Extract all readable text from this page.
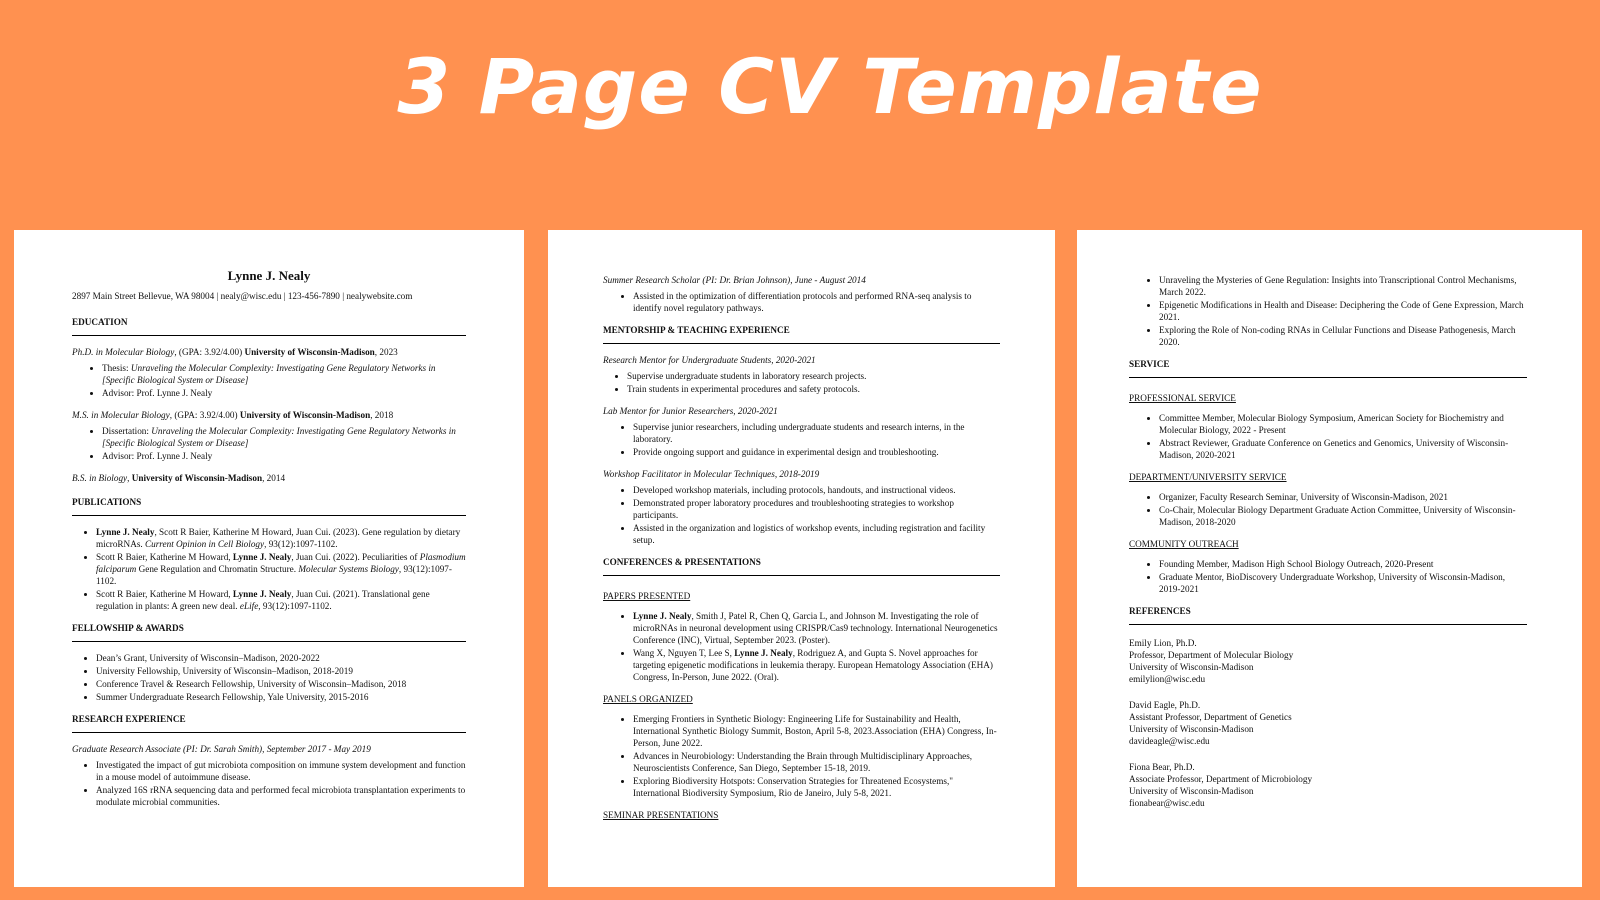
3 Page CV Template
Lynne J. Nealy
2897 Main Street Bellevue, WA 98004 | nealy@wisc.edu | 123-456-7890 | nealywebsite.com
EDUCATION
Ph.D. in Molecular Biology, (GPA: 3.92/4.00) University of Wisconsin-Madison, 2023
• Thesis: Unraveling the Molecular Complexity: Investigating Gene Regulatory Networks in [Specific Biological System or Disease]
• Advisor: Prof. Lynne J. Nealy
M.S. in Molecular Biology, (GPA: 3.92/4.00) University of Wisconsin-Madison, 2018
• Dissertation: Unraveling the Molecular Complexity: Investigating Gene Regulatory Networks in [Specific Biological System or Disease]
• Advisor: Prof. Lynne J. Nealy
B.S. in Biology, University of Wisconsin-Madison, 2014
PUBLICATIONS
• Lynne J. Nealy, Scott R Baier, Katherine M Howard, Juan Cui. (2023). Gene regulation by dietary microRNAs. Current Opinion in Cell Biology, 93(12):1097-1102.
• Scott R Baier, Katherine M Howard, Lynne J. Nealy, Juan Cui. (2022). Peculiarities of Plasmodium falciparum Gene Regulation and Chromatin Structure. Molecular Systems Biology, 93(12):1097-1102.
• Scott R Baier, Katherine M Howard, Lynne J. Nealy, Juan Cui. (2021). Translational gene regulation in plants: A green new deal. eLife, 93(12):1097-1102.
FELLOWSHIP & AWARDS
• Dean’s Grant, University of Wisconsin–Madison, 2020-2022
• University Fellowship, University of Wisconsin–Madison, 2018-2019
• Conference Travel & Research Fellowship, University of Wisconsin–Madison, 2018
• Summer Undergraduate Research Fellowship, Yale University, 2015-2016
RESEARCH EXPERIENCE
Graduate Research Associate (PI: Dr. Sarah Smith), September 2017 - May 2019
• Investigated the impact of gut microbiota composition on immune system development and function in a mouse model of autoimmune disease.
• Analyzed 16S rRNA sequencing data and performed fecal microbiota transplantation experiments to modulate microbial communities.
Summer Research Scholar (PI: Dr. Brian Johnson), June - August 2014
• Assisted in the optimization of differentiation protocols and performed RNA-seq analysis to identify novel regulatory pathways.
MENTORSHIP & TEACHING EXPERIENCE
Research Mentor for Undergraduate Students, 2020-2021
• Supervise undergraduate students in laboratory research projects.
• Train students in experimental procedures and safety protocols.
Lab Mentor for Junior Researchers, 2020-2021
• Supervise junior researchers, including undergraduate students and research interns, in the laboratory.
• Provide ongoing support and guidance in experimental design and troubleshooting.
Workshop Facilitator in Molecular Techniques, 2018-2019
• Developed workshop materials, including protocols, handouts, and instructional videos.
• Demonstrated proper laboratory procedures and troubleshooting strategies to workshop participants.
• Assisted in the organization and logistics of workshop events, including registration and facility setup.
CONFERENCES & PRESENTATIONS
PAPERS PRESENTED
• Lynne J. Nealy, Smith J, Patel R, Chen Q, Garcia L, and Johnson M. Investigating the role of microRNAs in neuronal development using CRISPR/Cas9 technology. International Neurogenetics Conference (INC), Virtual, September 2023. (Poster).
• Wang X, Nguyen T, Lee S, Lynne J. Nealy, Rodriguez A, and Gupta S. Novel approaches for targeting epigenetic modifications in leukemia therapy. European Hematology Association (EHA) Congress, In-Person, June 2022. (Oral).
PANELS ORGANIZED
• Emerging Frontiers in Synthetic Biology: Engineering Life for Sustainability and Health, International Synthetic Biology Summit, Boston, April 5-8, 2023.Association (EHA) Congress, In-Person, June 2022.
• Advances in Neurobiology: Understanding the Brain through Multidisciplinary Approaches, Neuroscientists Conference, San Diego, September 15-18, 2019.
• Exploring Biodiversity Hotspots: Conservation Strategies for Threatened Ecosystems," International Biodiversity Symposium, Rio de Janeiro, July 5-8, 2021.
SEMINAR PRESENTATIONS
• Unraveling the Mysteries of Gene Regulation: Insights into Transcriptional Control Mechanisms, March 2022.
• Epigenetic Modifications in Health and Disease: Deciphering the Code of Gene Expression, March 2021.
• Exploring the Role of Non-coding RNAs in Cellular Functions and Disease Pathogenesis, March 2020.
SERVICE
PROFESSIONAL SERVICE
• Committee Member, Molecular Biology Symposium, American Society for Biochemistry and Molecular Biology, 2022 - Present
• Abstract Reviewer, Graduate Conference on Genetics and Genomics, University of Wisconsin-Madison, 2020-2021
DEPARTMENT/UNIVERSITY SERVICE
• Organizer, Faculty Research Seminar, University of Wisconsin-Madison, 2021
• Co-Chair, Molecular Biology Department Graduate Action Committee, University of Wisconsin-Madison, 2018-2020
COMMUNITY OUTREACH
• Founding Member, Madison High School Biology Outreach, 2020-Present
• Graduate Mentor, BioDiscovery Undergraduate Workshop, University of Wisconsin-Madison, 2019-2021
REFERENCES
Emily Lion, Ph.D.
Professor, Department of Molecular Biology
University of Wisconsin-Madison
emilylion@wisc.edu
David Eagle, Ph.D.
Assistant Professor, Department of Genetics
University of Wisconsin-Madison
davideagle@wisc.edu
Fiona Bear, Ph.D.
Associate Professor, Department of Microbiology
University of Wisconsin-Madison
fionabear@wisc.edu
